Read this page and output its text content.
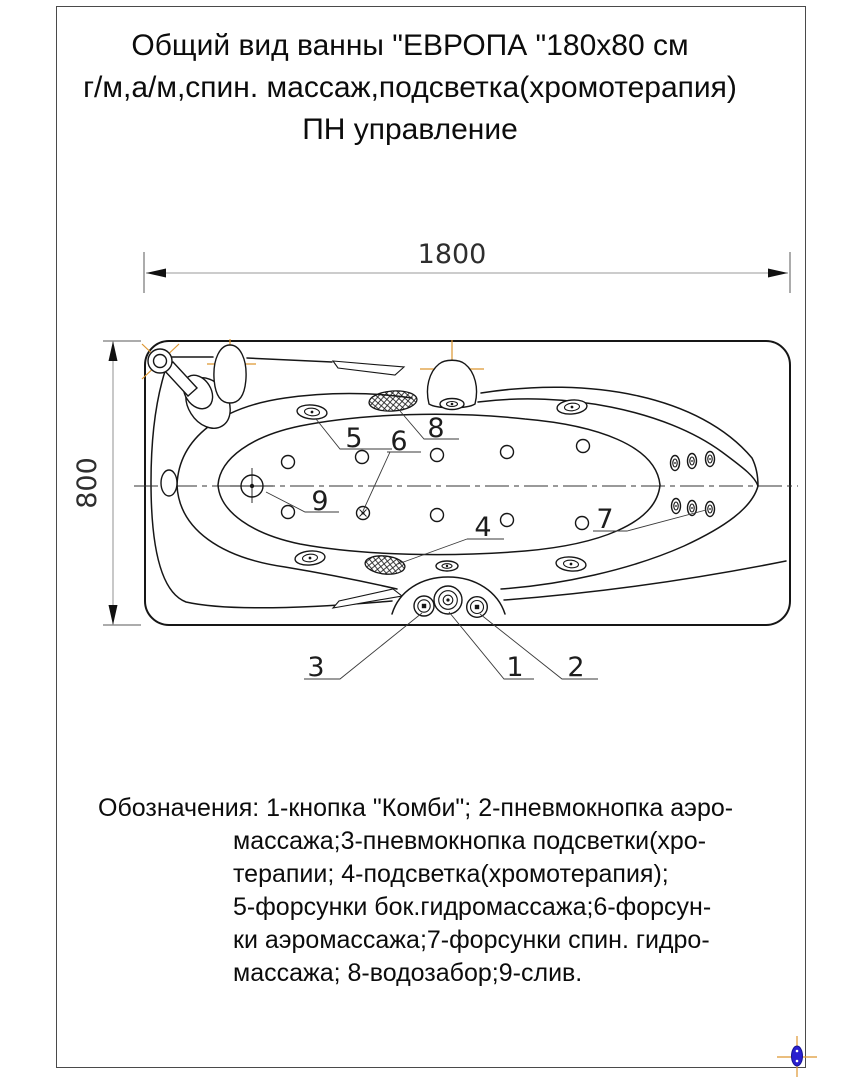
Общий вид ванны "ЕВРОПА "180x80 см
г/м,а/м,спин. массаж,подсветка(хромотерапия)
ПН управление
1800
800
5 6 8
9
4	7
1 2
3
Обозначения: 1-кнопка "Комби"; 2-пневмокнопка аэро-
массажа;3-пневмокнопка подсветки(хро-
терапии; 4-подсветка(хромотерапия);
5-форсунки бок.гидромассажа;6-форсун-
ки аэромассажа;7-форсунки спин. гидро-
массажа; 8-водозабор;9-слив.
